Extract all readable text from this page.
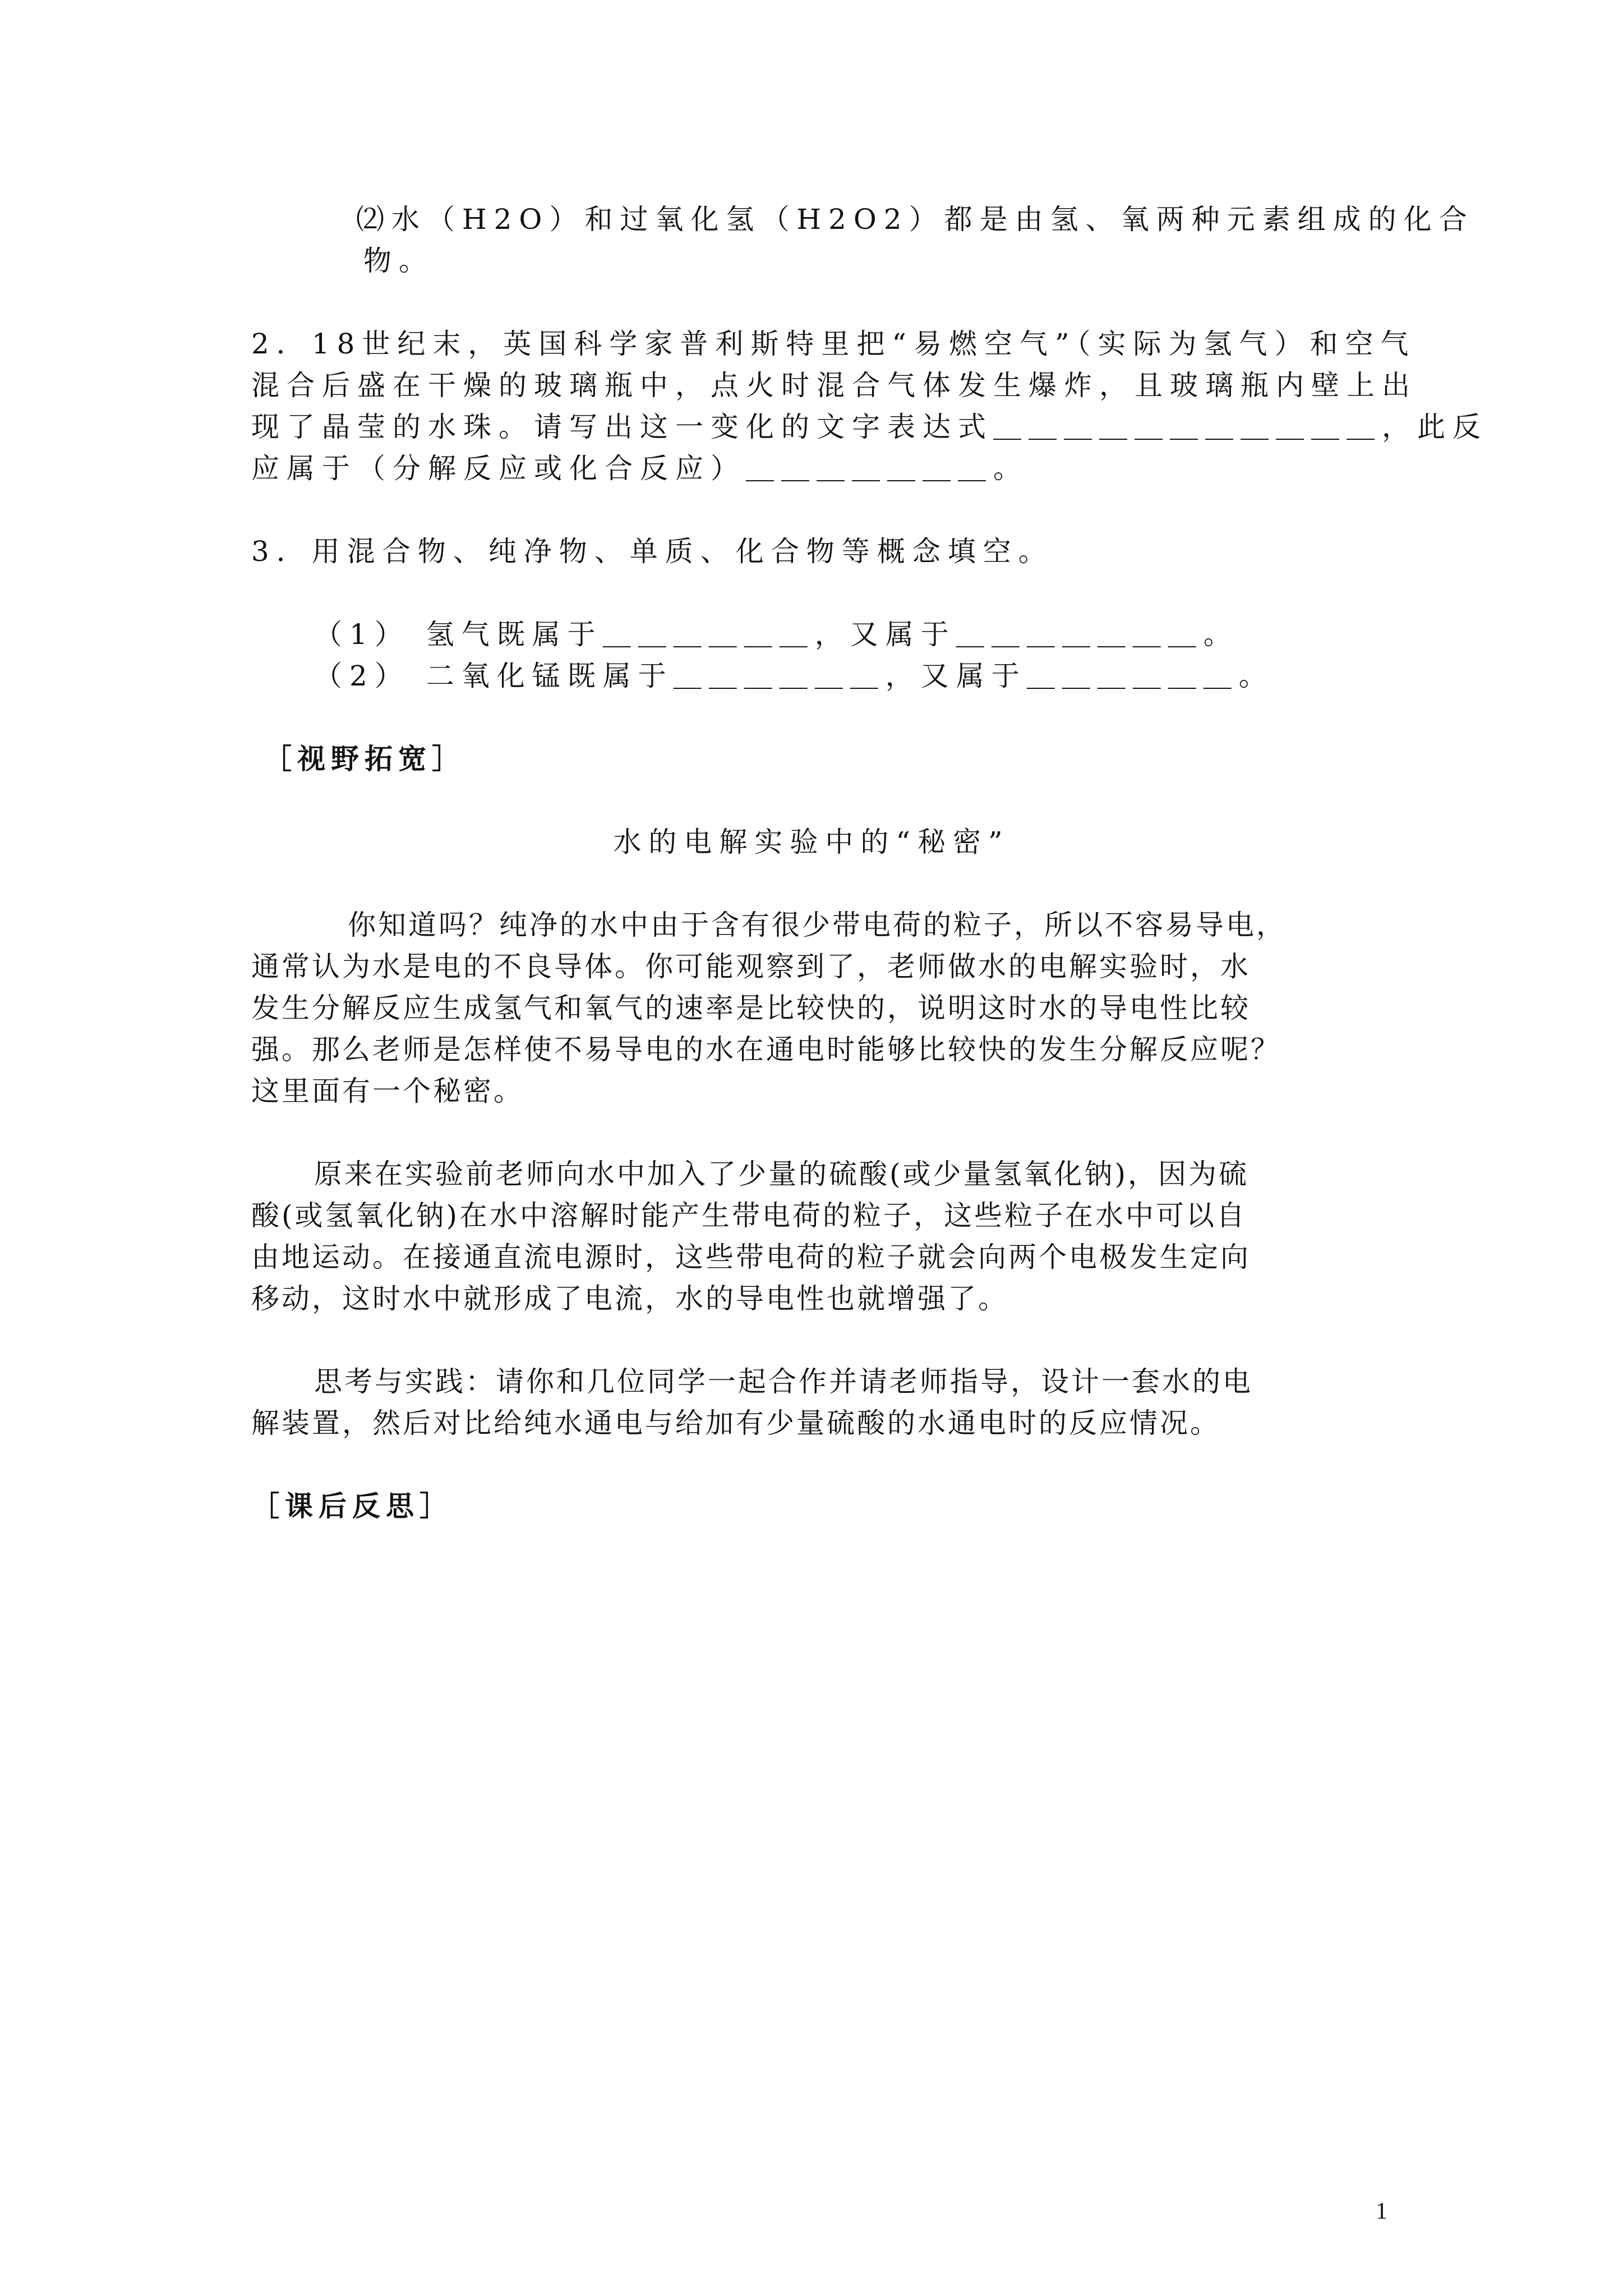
⑵水（H2O）和过氧化氢（H2O2）都是由氢、氧两种元素组成的化合
物。
2．18世纪末，英国科学家普利斯特里把“易燃空气”（实际为氢气）和空气
混合后盛在干燥的玻璃瓶中，点火时混合气体发生爆炸，且玻璃瓶内壁上出
现了晶莹的水珠。请写出这一变化的文字表达式＿＿＿＿＿＿＿＿＿＿＿，此反
应属于（分解反应或化合反应）＿＿＿＿＿＿＿。
3．用混合物、纯净物、单质、化合物等概念填空。
（1） 氢气既属于＿＿＿＿＿＿，又属于＿＿＿＿＿＿＿。
（2） 二氧化锰既属于＿＿＿＿＿＿，又属于＿＿＿＿＿＿。
［视野拓宽］
水的电解实验中的“秘密”
你知道吗？纯净的水中由于含有很少带电荷的粒子，所以不容易导电，
通常认为水是电的不良导体。你可能观察到了，老师做水的电解实验时，水
发生分解反应生成氢气和氧气的速率是比较快的，说明这时水的导电性比较
强。那么老师是怎样使不易导电的水在通电时能够比较快的发生分解反应呢？
这里面有一个秘密。
原来在实验前老师向水中加入了少量的硫酸(或少量氢氧化钠)，因为硫
酸(或氢氧化钠)在水中溶解时能产生带电荷的粒子，这些粒子在水中可以自
由地运动。在接通直流电源时，这些带电荷的粒子就会向两个电极发生定向
移动，这时水中就形成了电流，水的导电性也就增强了。
思考与实践：请你和几位同学一起合作并请老师指导，设计一套水的电
解装置，然后对比给纯水通电与给加有少量硫酸的水通电时的反应情况。
［课后反思］
1
